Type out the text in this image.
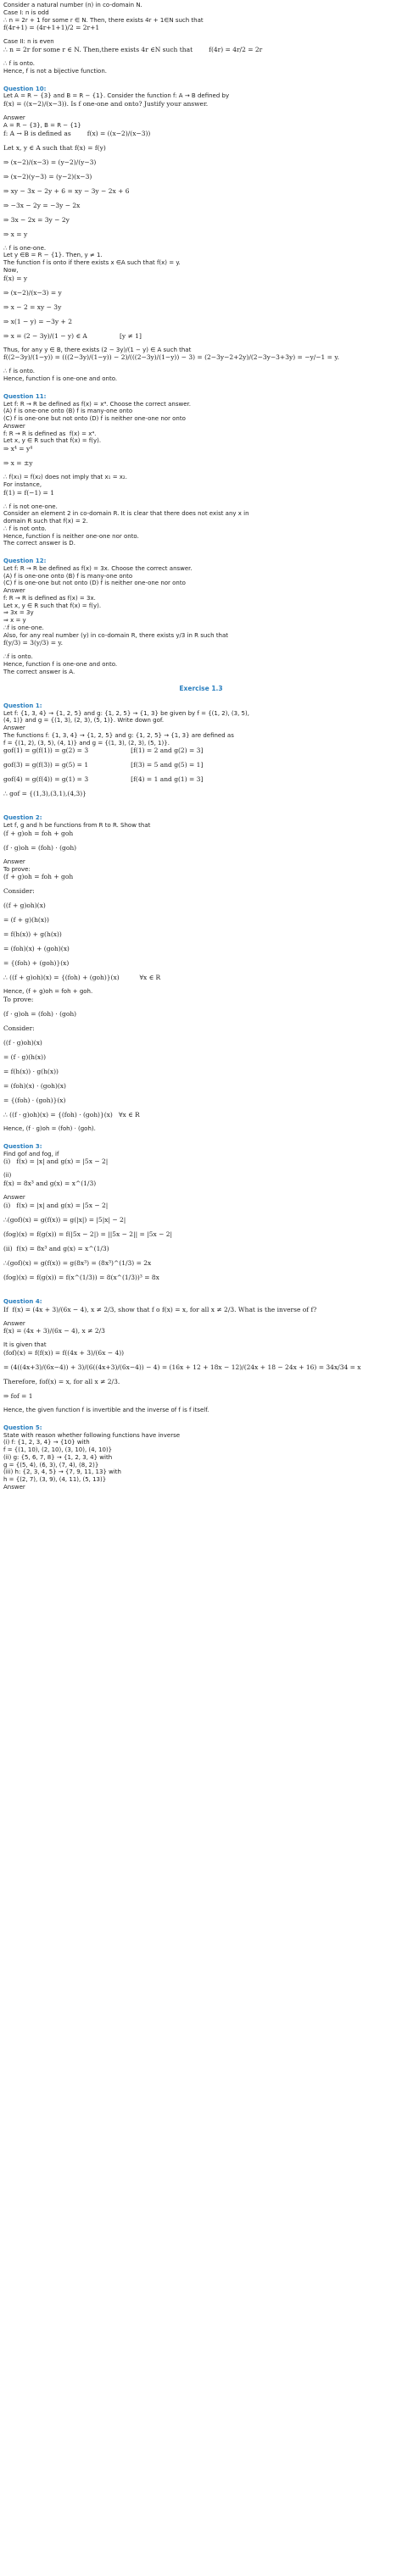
Consider a natural number (n) in co-domain N.

Case I: n is odd

∴ n = 2r + 1 for some r ∈ N. Then, there exists 4r + 1∈N such that

f(4r+1) = (4r+1+1)/2 = 2r+1

Case II: n is even

∴ n = 2r for some r ∈ N. Then,there exists 4r ∈N such that        f(4r) = 4r/2 = 2r

∴ f is onto.

Hence, f is not a bijective function.

Question 10:

Let A = R − {3} and B = R − {1}. Consider the function f: A → B defined by

f(x) = ((x−2)/(x−3)). Is f one-one and onto? Justify your answer.

Answer

A = R − {3}, B = R − {1}

f: A → B is defined as        f(x) = ((x−2)/(x−3))

Let x, y ∈ A such that f(x) = f(y)

⇒ (x−2)/(x−3) = (y−2)/(y−3)

⇒ (x−2)(y−3) = (y−2)(x−3)

⇒ xy − 3x − 2y + 6 = xy − 3y − 2x + 6

⇒ −3x − 2y = −3y − 2x

⇒ 3x − 2x = 3y − 2y

⇒ x = y

∴ f is one-one.

Let y ∈B = R − {1}. Then, y ≠ 1.

The function f is onto if there exists x ∈A such that f(x) = y.

Now,

f(x) = y

⇒ (x−2)/(x−3) = y

⇒ x − 2 = xy − 3y

⇒ x(1 − y) = −3y + 2

⇒ x = (2 − 3y)/(1 − y) ∈ A                [y ≠ 1]

Thus, for any y ∈ B, there exists (2 − 3y)/(1 − y) ∈ A such that

f((2−3y)/(1−y)) = (((2−3y)/(1−y)) − 2)/(((2−3y)/(1−y)) − 3) = (2−3y−2+2y)/(2−3y−3+3y) = −y/−1 = y.

∴ f is onto.

Hence, function f is one-one and onto.

Question 11:

Let f: R → R be defined as f(x) = x⁴. Choose the correct answer.

(A) f is one-one onto (B) f is many-one onto

(C) f is one-one but not onto (D) f is neither one-one nor onto

Answer

f: R → R is defined as  f(x) = x⁴.

Let x, y ∈ R such that f(x) = f(y).

⇒ x⁴ = y⁴

⇒ x = ±y

∴ f(x₁) = f(x₂) does not imply that x₁ = x₂.

For instance,

f(1) = f(−1) = 1

∴ f is not one-one.

Consider an element 2 in co-domain R. It is clear that there does not exist any x in

domain R such that f(x) = 2.

∴ f is not onto.

Hence, function f is neither one-one nor onto.

The correct answer is D.

Question 12:

Let f: R → R be defined as f(x) = 3x. Choose the correct answer.

(A) f is one-one onto (B) f is many-one onto

(C) f is one-one but not onto (D) f is neither one-one nor onto

Answer

f: R → R is defined as f(x) = 3x.

Let x, y ∈ R such that f(x) = f(y).

⇒ 3x = 3y

⇒ x = y

∴f is one-one.

Also, for any real number (y) in co-domain R, there exists y/3 in R such that

f(y/3) = 3(y/3) = y.

∴f is onto.

Hence, function f is one-one and onto.

The correct answer is A.

Exercise 1.3

Question 1:

Let f: {1, 3, 4} → {1, 2, 5} and g: {1, 2, 5} → {1, 3} be given by f = {(1, 2), (3, 5),

(4, 1)} and g = {(1, 3), (2, 3), (5, 1)}. Write down gof.

Answer

The functions f: {1, 3, 4} → {1, 2, 5} and g: {1, 2, 5} → {1, 3} are defined as

f = {(1, 2), (3, 5), (4, 1)} and g = {(1, 3), (2, 3), (5, 1)}.

gof(1) = g(f(1)) = g(2) = 3                     [f(1) = 2 and g(2) = 3]

gof(3) = g(f(3)) = g(5) = 1                     [f(3) = 5 and g(5) = 1]

gof(4) = g(f(4)) = g(1) = 3                     [f(4) = 1 and g(1) = 3]

∴ gof = {(1,3),(3,1),(4,3)}

Question 2:

Let f, g and h be functions from R to R. Show that

(f + g)oh = foh + goh

(f · g)oh = (foh) · (goh)

Answer

To prove:

(f + g)oh = foh + goh

Consider:

((f + g)oh)(x)

= (f + g)(h(x))

= f(h(x)) + g(h(x))

= (foh)(x) + (goh)(x)

= {(foh) + (goh)}(x)

∴ ((f + g)oh)(x) = {(foh) + (goh)}(x)          ∀x ∈ R

Hence, (f + g)oh = foh + goh.

To prove:

(f · g)oh = (foh) · (goh)

Consider:

((f · g)oh)(x)

= (f · g)(h(x))

= f(h(x)) · g(h(x))

= (foh)(x) · (goh)(x)

= {(foh) · (goh)}(x)

∴ ((f · g)oh)(x) = {(foh) · (goh)}(x)   ∀x ∈ R

Hence, (f · g)oh = (foh) · (goh).

Question 3:

Find gof and fog, if

(i)   f(x) = |x| and g(x) = |5x − 2|

(ii)

f(x) = 8x³ and g(x) = x^(1/3)

Answer

(i)   f(x) = |x| and g(x) = |5x − 2|

∴(gof)(x) = g(f(x)) = g(|x|) = |5|x| − 2|

(fog)(x) = f(g(x)) = f(|5x − 2|) = ||5x − 2|| = |5x − 2|

(ii)  f(x) = 8x³ and g(x) = x^(1/3)

∴(gof)(x) = g(f(x)) = g(8x³) = (8x³)^(1/3) = 2x

(fog)(x) = f(g(x)) = f(x^(1/3)) = 8(x^(1/3))³ = 8x

Question 4:

If  f(x) = (4x + 3)/(6x − 4), x ≠ 2/3, show that f o f(x) = x, for all x ≠ 2/3. What is the inverse of f?

Answer

f(x) = (4x + 3)/(6x − 4), x ≠ 2/3

It is given that

(fof)(x) = f(f(x)) = f((4x + 3)/(6x − 4))

= (4((4x+3)/(6x−4)) + 3)/(6((4x+3)/(6x−4)) − 4) = (16x + 12 + 18x − 12)/(24x + 18 − 24x + 16) = 34x/34 = x

Therefore, fof(x) = x, for all x ≠ 2/3.

⇒ fof = 1

Hence, the given function f is invertible and the inverse of f is f itself.

Question 5:

State with reason whether following functions have inverse

(i) f: {1, 2, 3, 4} → {10} with

f = {(1, 10), (2, 10), (3, 10), (4, 10)}

(ii) g: {5, 6, 7, 8} → {1, 2, 3, 4} with

g = {(5, 4), (6, 3), (7, 4), (8, 2)}

(iii) h: {2, 3, 4, 5} → {7, 9, 11, 13} with

h = {(2, 7), (3, 9), (4, 11), (5, 13)}

Answer
